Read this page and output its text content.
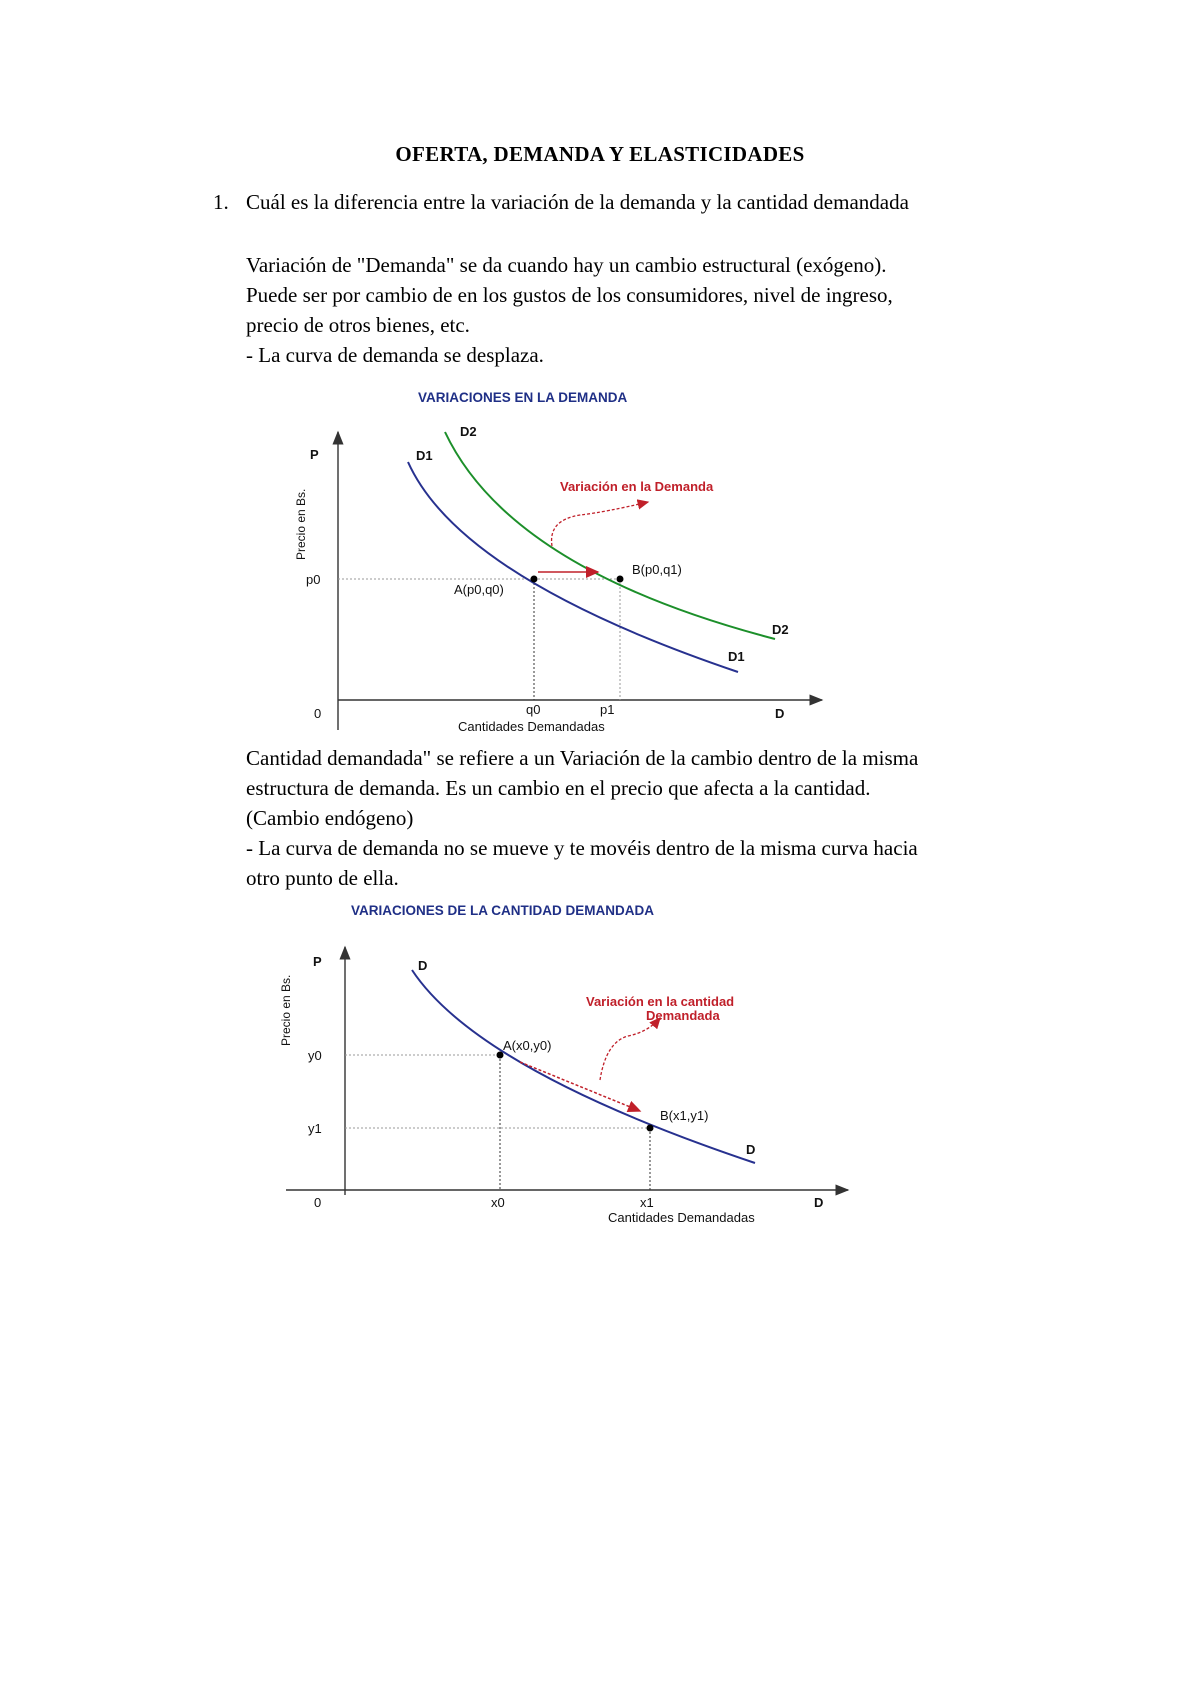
OFERTA, DEMANDA Y ELASTICIDADES
1. Cuál es la diferencia entre la variación de la demanda y la cantidad demandada
Variación de "Demanda" se da cuando hay un cambio estructural (exógeno).
Puede ser por cambio de en los gustos de los consumidores, nivel de ingreso,
precio de otros bienes, etc.
- La curva de demanda se desplaza.
Cantidad demandada" se refiere a un Variación de la cambio dentro de la misma
estructura de demanda. Es un cambio en el precio que afecta a la cantidad.
(Cambio endógeno)
- La curva de demanda no se mueve y te movéis dentro de la misma curva hacia
otro punto de ella.
VARIACIONES EN LA DEMANDA
P
Precio en Bs.
p0
0	D
q0	p1
Cantidades Demandadas
D1
D2
D1
D2
A(p0,q0)
B(p0,q1)
Variación en la Demanda
VARIACIONES DE LA CANTIDAD DEMANDADA
P
Precio en Bs.
y0
y1
0	x0	x1	D
Cantidades Demandadas
D
D
A(x0,y0)
B(x1,y1)
Variación en la cantidad
Demandada
